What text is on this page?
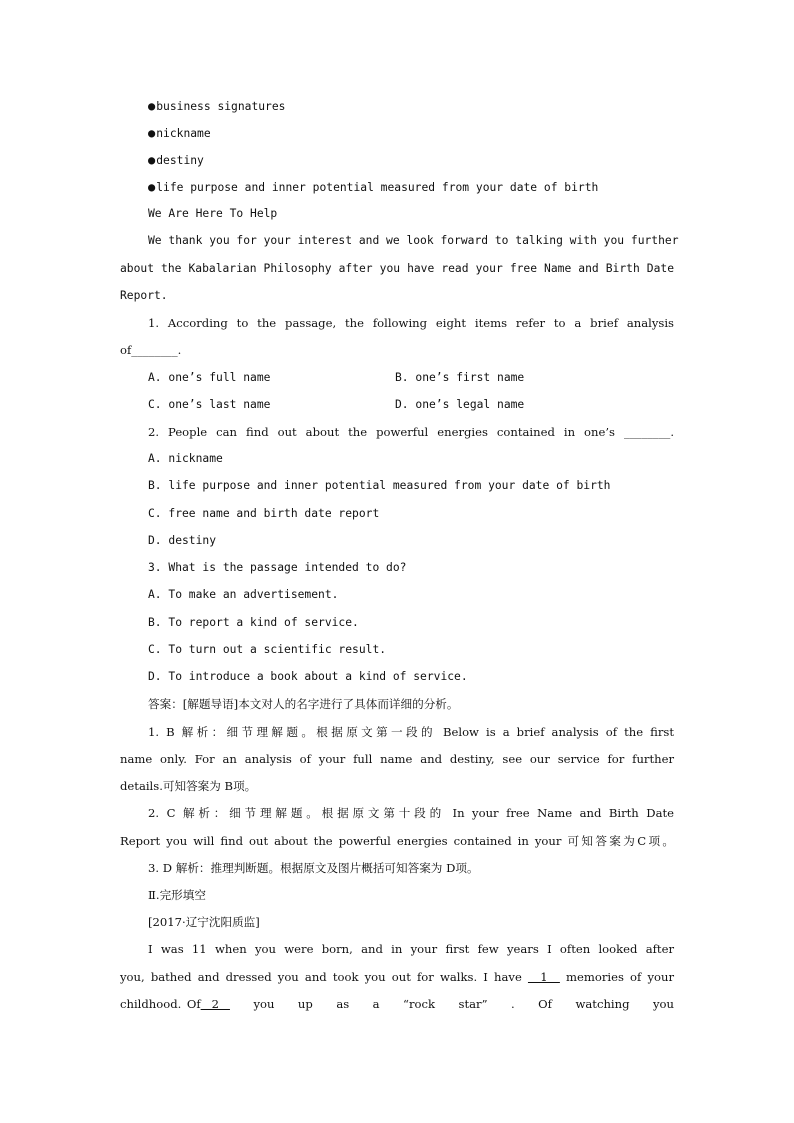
●business signatures
●nickname
●destiny
●life purpose and inner potential measured from your date of birth
We Are Here To Help
We thank you for your interest and we look forward to talking with you further
about the Kabalarian Philosophy after you have read your free Name and Birth Date
Report.
1. According to the passage, the following eight items refer to a brief analysis
of________.
A. one’s full name	B. one’s first name
C. one’s last name	D. one’s legal name
2. People can find out about the powerful energies contained in one’s ________.
A. nickname
B. life purpose and inner potential measured from your date of birth
C. free name and birth date report
D. destiny
3. What is the passage intended to do?
A. To make an advertisement.
B. To report a kind of service.
C. To turn out a scientific result.
D. To introduce a book about a kind of service.
答案：[解题导语]本文对人的名字进行了具体而详细的分析。
1. B 解析：细节理解题。根据原文第一段的 Below is a brief analysis of the first
name only. For an analysis of your full name and destiny, see our service for further
details.可知答案为 B项。
2. C 解析：细节理解题。根据原文第十段的 In your free Name and Birth Date
Report you will find out about the powerful energies contained in your 可知答案为C项。
3. D 解析：推理判断题。根据原文及图片概括可知答案为 D项。
Ⅱ.完形填空
[2017·辽宁沈阳质监]
I was 11 when you were born, and in your first few years I often looked after
you, bathed and dressed you and took you out for walks. I have   1   memories of your
childhood. Of  2   you up as a “rock star” . Of watching you
